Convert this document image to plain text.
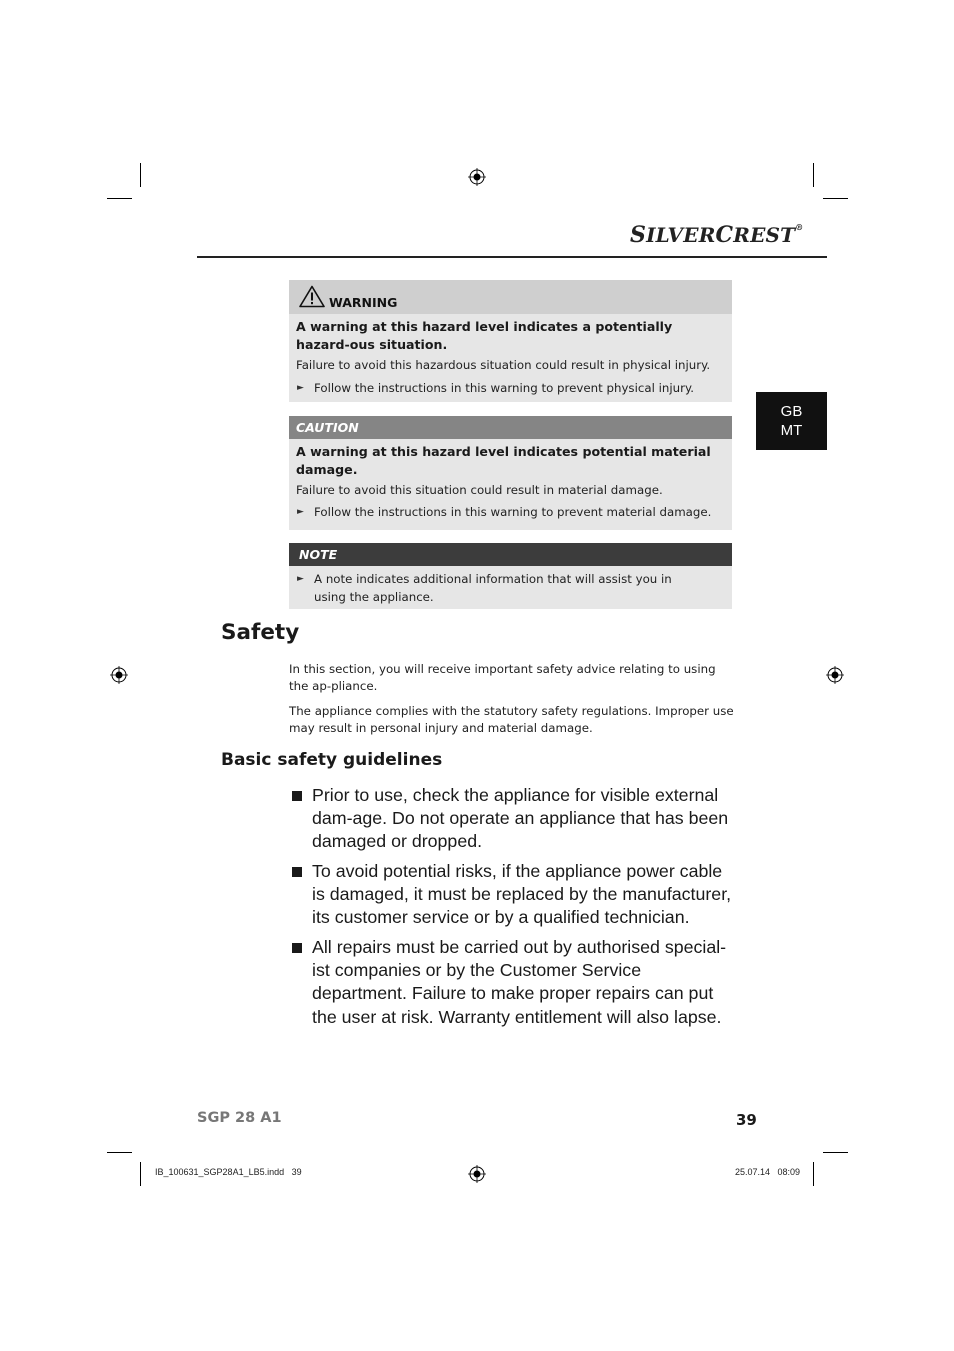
SILVERCREST®
GB
MT
WARNING

A warning at this hazard level indicates a potentially hazard-ous situation.

Failure to avoid this hazardous situation could result in physical injury.

► Follow the instructions in this warning to prevent physical injury.

CAUTION

A warning at this hazard level indicates potential material damage.

Failure to avoid this situation could result in material damage.

► Follow the instructions in this warning to prevent material damage.

NOTE

► A note indicates additional information that will assist you in using the appliance.

Safety

In this section, you will receive important safety advice relating to using the ap-pliance.

The appliance complies with the statutory safety regulations. Improper use may result in personal injury and material damage.

Basic safety guidelines
Prior to use, check the appliance for visible external dam-age. Do not operate an appliance that has been damaged or dropped.
To avoid potential risks, if the appliance power cable is damaged, it must be replaced by the manufacturer, its customer service or by a qualified technician.
All repairs must be carried out by authorised special-ist companies or by the Customer Service department. Failure to make proper repairs can put the user at risk. Warranty entitlement will also lapse.
SGP 28 A1	39
IB_100631_SGP28A1_LB5.indd   39	25.07.14   08:09
